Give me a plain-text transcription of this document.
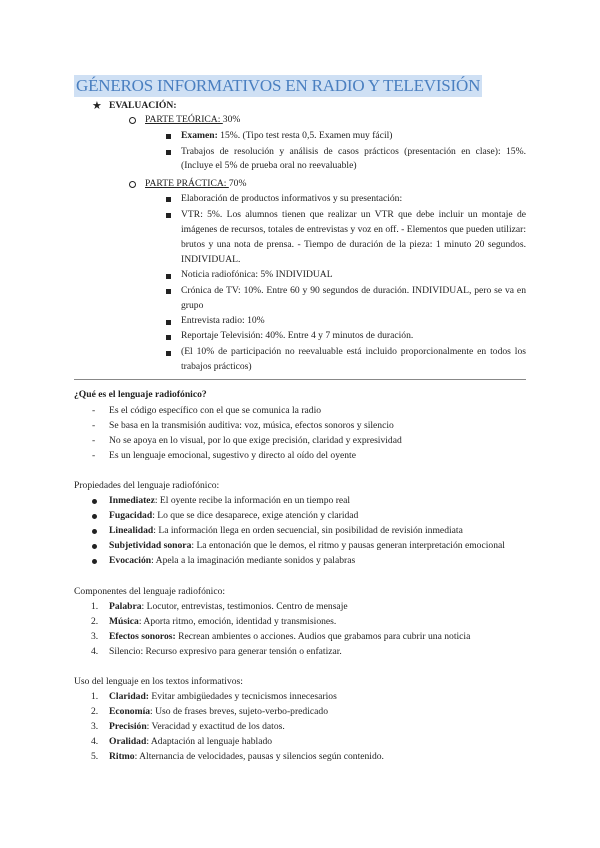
GÉNEROS INFORMATIVOS EN RADIO Y TELEVISIÓN
★ EVALUACIÓN:
PARTE TEÓRICA: 30%
Examen: 15%. (Tipo test resta 0,5. Examen muy fácil)
Trabajos de resolución y análisis de casos prácticos (presentación en clase): 15%. (Incluye el 5% de prueba oral no reevaluable)
PARTE PRÁCTICA: 70%
Elaboración de productos informativos y su presentación:
VTR: 5%. Los alumnos tienen que realizar un VTR que debe incluir un montaje de imágenes de recursos, totales de entrevistas y voz en off. - Elementos que pueden utilizar: brutos y una nota de prensa. - Tiempo de duración de la pieza: 1 minuto 20 segundos. INDIVIDUAL.
Noticia radiofónica: 5% INDIVIDUAL
Crónica de TV: 10%. Entre 60 y 90 segundos de duración. INDIVIDUAL, pero se va en grupo
Entrevista radio: 10%
Reportaje Televisión: 40%. Entre 4 y 7 minutos de duración.
(El 10% de participación no reevaluable está incluido proporcionalmente en todos los trabajos prácticos)
¿Qué es el lenguaje radiofónico?
- Es el código específico con el que se comunica la radio
- Se basa en la transmisión auditiva: voz, música, efectos sonoros y silencio
- No se apoya en lo visual, por lo que exige precisión, claridad y expresividad
- Es un lenguaje emocional, sugestivo y directo al oído del oyente
Propiedades del lenguaje radiofónico:
Inmediatez: El oyente recibe la información en un tiempo real
Fugacidad: Lo que se dice desaparece, exige atención y claridad
Linealidad: La información llega en orden secuencial, sin posibilidad de revisión inmediata
Subjetividad sonora: La entonación que le demos, el ritmo y pausas generan interpretación emocional
Evocación: Apela a la imaginación mediante sonidos y palabras
Componentes del lenguaje radiofónico:
1. Palabra: Locutor, entrevistas, testimonios. Centro de mensaje
2. Música: Aporta ritmo, emoción, identidad y transmisiones.
3. Efectos sonoros: Recrean ambientes o acciones. Audios que grabamos para cubrir una noticia
4. Silencio: Recurso expresivo para generar tensión o enfatizar.
Uso del lenguaje en los textos informativos:
1. Claridad: Evitar ambigüedades y tecnicismos innecesarios
2. Economía: Uso de frases breves, sujeto-verbo-predicado
3. Precisión: Veracidad y exactitud de los datos.
4. Oralidad: Adaptación al lenguaje hablado
5. Ritmo: Alternancia de velocidades, pausas y silencios según contenido.
